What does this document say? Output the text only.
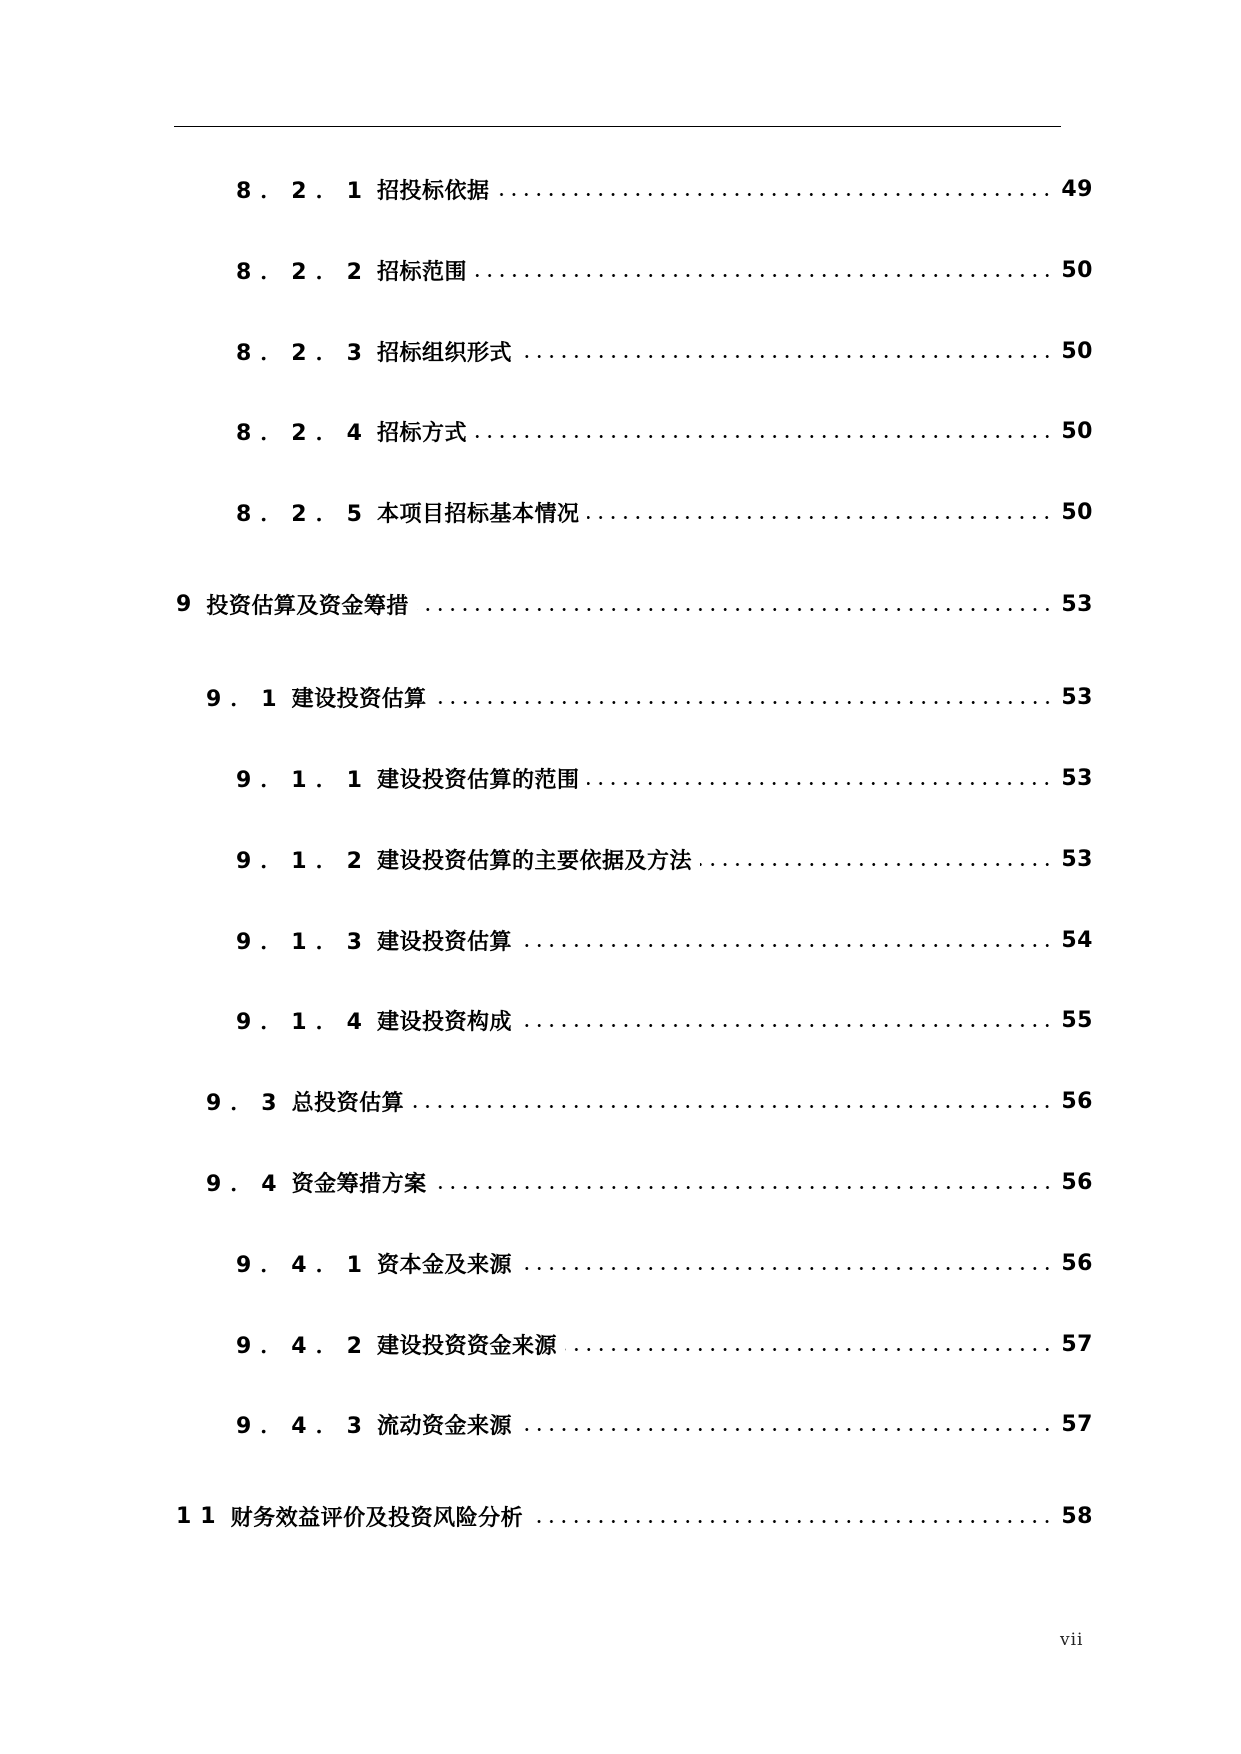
8．2．1 招投标依据	49
8．2．2 招标范围	50
8．2．3 招标组织形式	50
8．2．4 招标方式	50
8．2．5 本项目招标基本情况	50
9 投资估算及资金筹措	53
9．1 建设投资估算	53
9．1．1 建设投资估算的范围	53
9．1．2 建设投资估算的主要依据及方法	53
9．1．3 建设投资估算	54
9．1．4 建设投资构成	55
9．3 总投资估算	56
9．4 资金筹措方案	56
9．4．1 资本金及来源	56
9．4．2 建设投资资金来源	57
9．4．3 流动资金来源	57
11 财务效益评价及投资风险分析	58
vii
